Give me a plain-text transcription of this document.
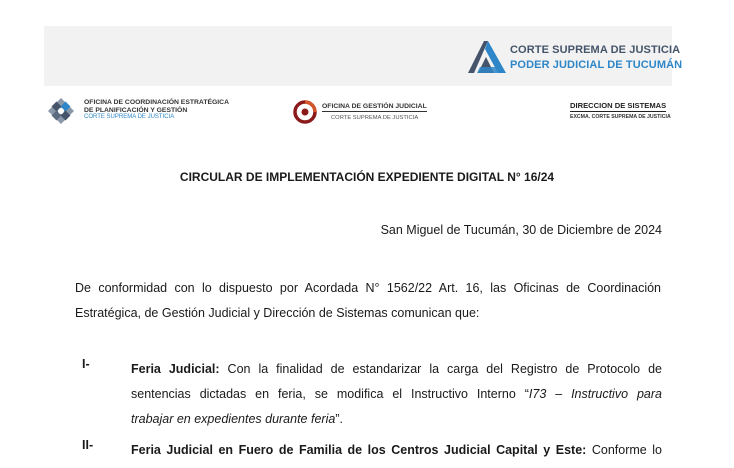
CORTE SUPREMA DE JUSTICIA
PODER JUDICIAL DE TUCUMÁN
OFICINA DE COORDINACIÓN ESTRATÉGICA
DE PLANIFICACIÓN Y GESTIÓN
CORTE SUPREMA DE JUSTICIA
OFICINA DE GESTIÓN JUDICIAL
CORTE SUPREMA DE JUSTICIA
DIRECCION DE SISTEMAS
EXCMA. CORTE SUPREMA DE JUSTICIA
CIRCULAR DE IMPLEMENTACIÓN EXPEDIENTE DIGITAL N° 16/24
San Miguel de Tucumán, 30 de Diciembre de 2024
De conformidad con lo dispuesto por Acordada N° 1562/22 Art. 16, las Oficinas de Coordinación
Estratégica, de Gestión Judicial y Dirección de Sistemas comunican que:
I-	Feria Judicial: Con la finalidad de estandarizar la carga del Registro de Protocolo de
sentencias dictadas en feria, se modifica el Instructivo Interno “I73 – Instructivo para
trabajar en expedientes durante feria”.
II-	Feria Judicial en Fuero de Familia de los Centros Judicial Capital y Este: Conforme lo
